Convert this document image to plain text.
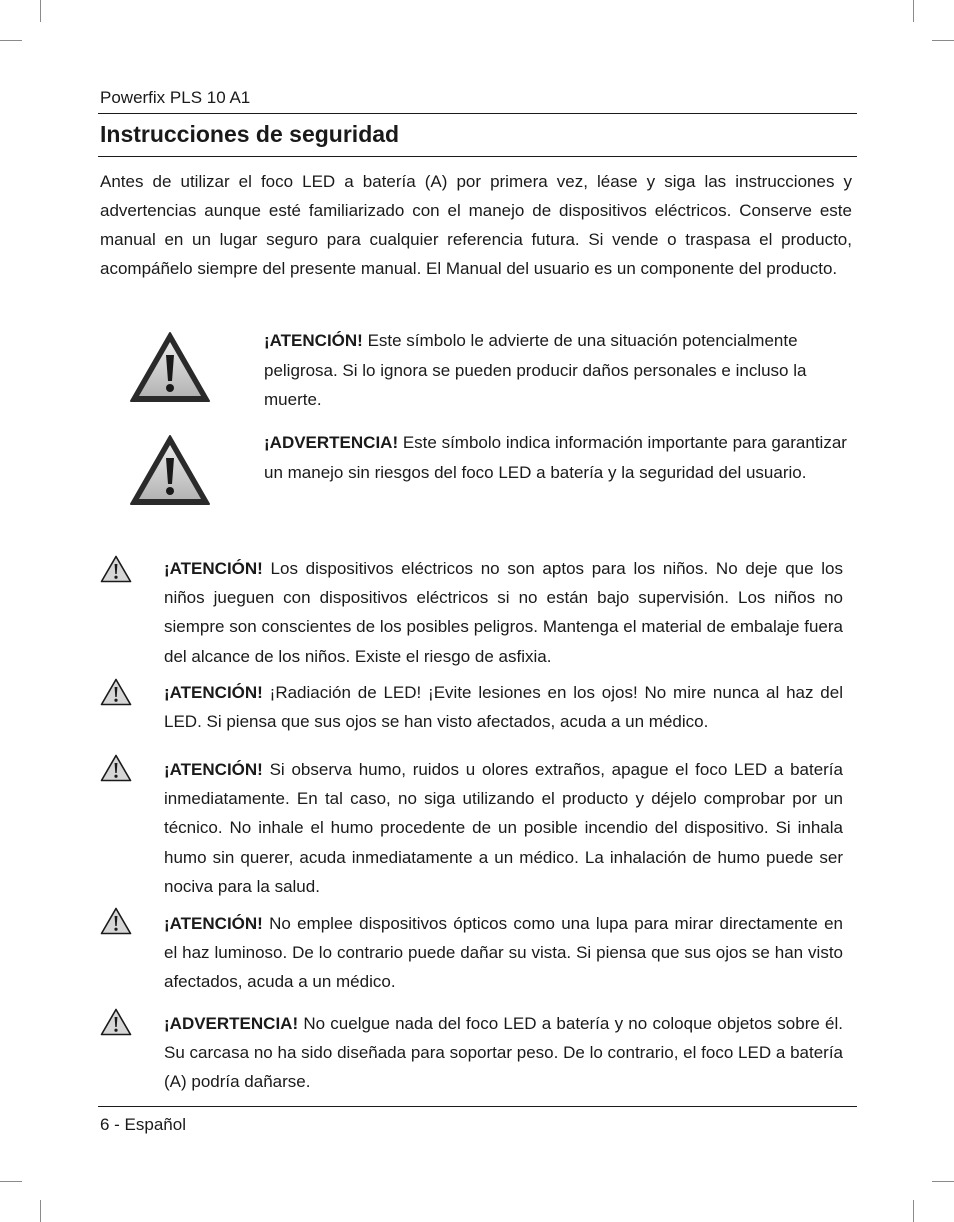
Powerfix PLS 10 A1
Instrucciones de seguridad

Antes de utilizar el foco LED a batería (A) por primera vez, léase y siga las instrucciones y advertencias aunque esté familiarizado con el manejo de dispositivos eléctricos. Conserve este manual en un lugar seguro para cualquier referencia futura. Si vende o traspasa el producto, acompáñelo siempre del presente manual. El Manual del usuario es un componente del producto.

¡ATENCIÓN! Este símbolo le advierte de una situación potencialmente peligrosa. Si lo ignora se pueden producir daños personales e incluso la muerte.

¡ADVERTENCIA! Este símbolo indica información importante para garantizar un manejo sin riesgos del foco LED a batería y la seguridad del usuario.

¡ATENCIÓN! Los dispositivos eléctricos no son aptos para los niños. No deje que los niños jueguen con dispositivos eléctricos si no están bajo supervisión. Los niños no siempre son conscientes de los posibles peligros. Mantenga el material de embalaje fuera del alcance de los niños. Existe el riesgo de asfixia.

¡ATENCIÓN! ¡Radiación de LED! ¡Evite lesiones en los ojos! No mire nunca al haz del LED. Si piensa que sus ojos se han visto afectados, acuda a un médico.

¡ATENCIÓN! Si observa humo, ruidos u olores extraños, apague el foco LED a batería inmediatamente. En tal caso, no siga utilizando el producto y déjelo comprobar por un técnico. No inhale el humo procedente de un posible incendio del dispositivo. Si inhala humo sin querer, acuda inmediatamente a un médico. La inhalación de humo puede ser nociva para la salud.

¡ATENCIÓN! No emplee dispositivos ópticos como una lupa para mirar directamente en el haz luminoso. De lo contrario puede dañar su vista. Si piensa que sus ojos se han visto afectados, acuda a un médico.

¡ADVERTENCIA! No cuelgue nada del foco LED a batería y no coloque objetos sobre él. Su carcasa no ha sido diseñada para soportar peso. De lo contrario, el foco LED a batería (A) podría dañarse.

6 - Español
